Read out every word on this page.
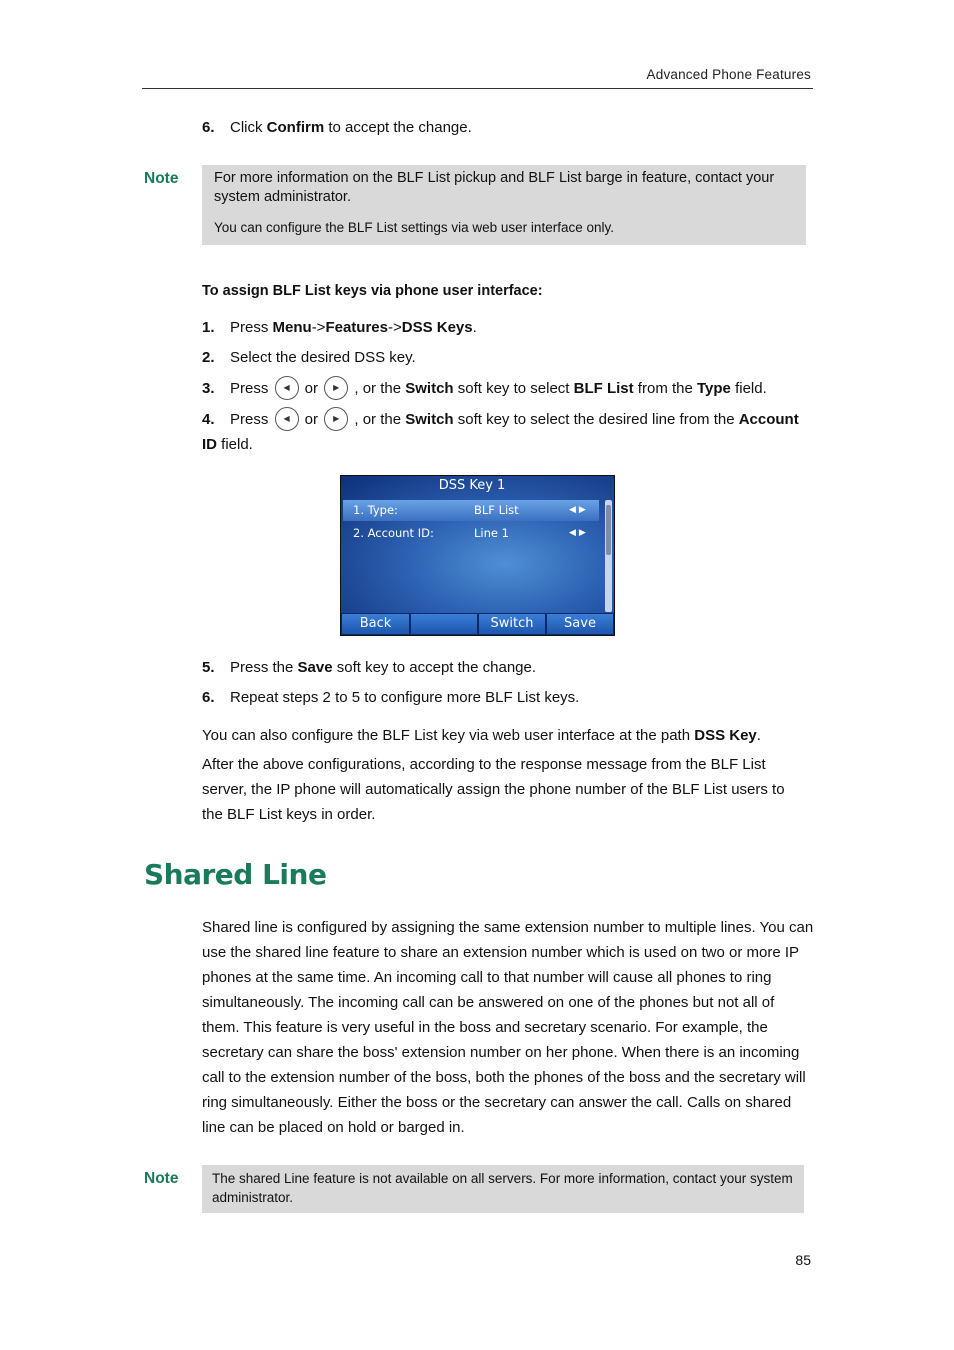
Advanced Phone Features
6. Click Confirm to accept the change.
Note For more information on the BLF List pickup and BLF List barge in feature, contact your system administrator.
You can configure the BLF List settings via web user interface only.
To assign BLF List keys via phone user interface:
1. Press Menu->Features->DSS Keys.
2. Select the desired DSS key.
3. Press ◀ or ▶ , or the Switch soft key to select BLF List from the Type field.
4. Press ◀ or ▶ , or the Switch soft key to select the desired line from the Account ID field.
DSS Key 1
1. Type:	BLF List	◀▶
2. Account ID:	Line 1	◀▶
Back	Switch	Save
5. Press the Save soft key to accept the change.
6. Repeat steps 2 to 5 to configure more BLF List keys.
You can also configure the BLF List key via web user interface at the path DSS Key.
After the above configurations, according to the response message from the BLF List server, the IP phone will automatically assign the phone number of the BLF List users to the BLF List keys in order.
Shared Line
Shared line is configured by assigning the same extension number to multiple lines. You can use the shared line feature to share an extension number which is used on two or more IP phones at the same time. An incoming call to that number will cause all phones to ring simultaneously. The incoming call can be answered on one of the phones but not all of them. This feature is very useful in the boss and secretary scenario. For example, the secretary can share the boss' extension number on her phone. When there is an incoming call to the extension number of the boss, both the phones of the boss and the secretary will ring simultaneously. Either the boss or the secretary can answer the call. Calls on shared line can be placed on hold or barged in.
Note	The shared Line feature is not available on all servers. For more information, contact your system administrator.
85
